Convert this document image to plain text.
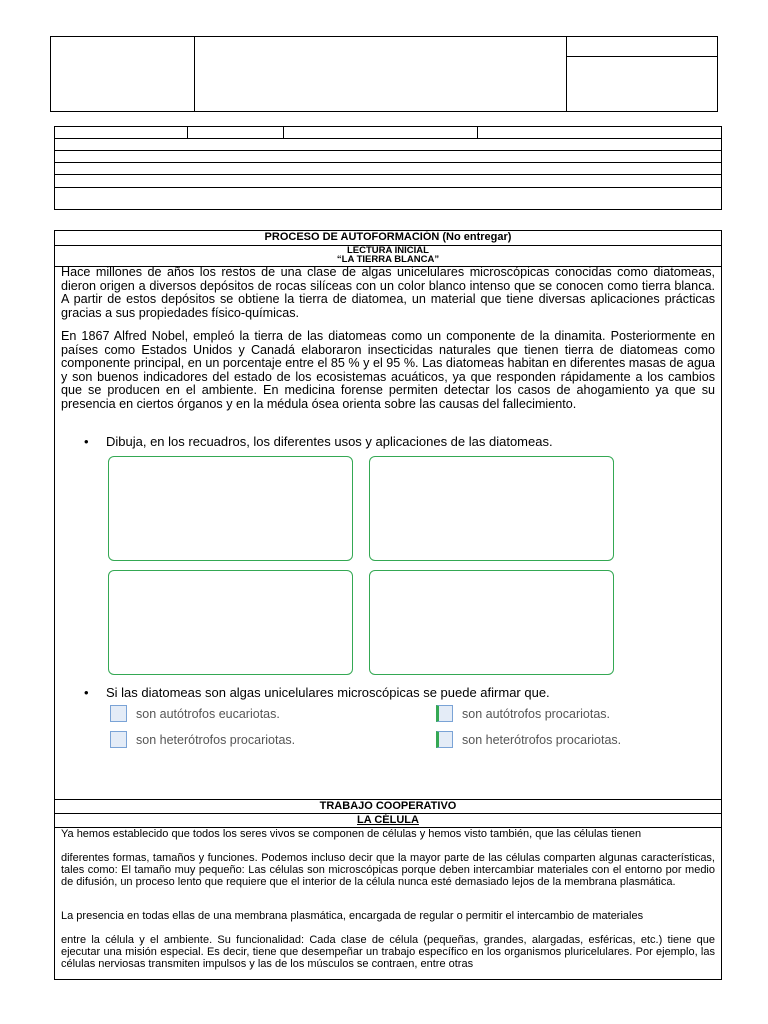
PROCESO DE AUTOFORMACIÓN (No entregar)
LECTURA INICIAL
“LA TIERRA BLANCA”

Hace millones de años los restos de una clase de algas unicelulares microscópicas conocidas como diatomeas, dieron origen a diversos depósitos de rocas silíceas con un color blanco intenso que se conocen como tierra blanca. A partir de estos depósitos se obtiene la tierra de diatomea, un material que tiene diversas aplicaciones prácticas gracias a sus propiedades físico-químicas.

En 1867 Alfred Nobel, empleó la tierra de las diatomeas como un componente de la dinamita. Posteriormente en países como Estados Unidos y Canadá elaboraron insecticidas naturales que tienen tierra de diatomeas como componente principal, en un porcentaje entre el 85 % y el 95 %. Las diatomeas habitan en diferentes masas de agua y son buenos indicadores del estado de los ecosistemas acuáticos, ya que responden rápidamente a los cambios que se producen en el ambiente. En medicina forense permiten detectar los casos de ahogamiento ya que su presencia en ciertos órganos y en la médula ósea orienta sobre las causas del fallecimiento.

• Dibuja, en los recuadros, los diferentes usos y aplicaciones de las diatomeas.
• Si las diatomeas son algas unicelulares microscópicas se puede afirmar que.
son autótrofos eucariotas.	son autótrofos procariotas.
son heterótrofos procariotas.	son heterótrofos procariotas.
TRABAJO COOPERATIVO
LA CÉLULA

Ya hemos establecido que todos los seres vivos se componen de células y hemos visto también, que las células tienen

diferentes formas, tamaños y funciones. Podemos incluso decir que la mayor parte de las células comparten algunas características, tales como: El tamaño muy pequeño: Las células son microscópicas porque deben intercambiar materiales con el entorno por medio de difusión, un proceso lento que requiere que el interior de la célula nunca esté demasiado lejos de la membrana plasmática.

La presencia en todas ellas de una membrana plasmática, encargada de regular o permitir el intercambio de materiales

entre la célula y el ambiente. Su funcionalidad: Cada clase de célula (pequeñas, grandes, alargadas, esféricas, etc.) tiene que ejecutar una misión especial. Es decir, tiene que desempeñar un trabajo específico en los organismos pluricelulares. Por ejemplo, las células nerviosas transmiten impulsos y las de los músculos se contraen, entre otras
